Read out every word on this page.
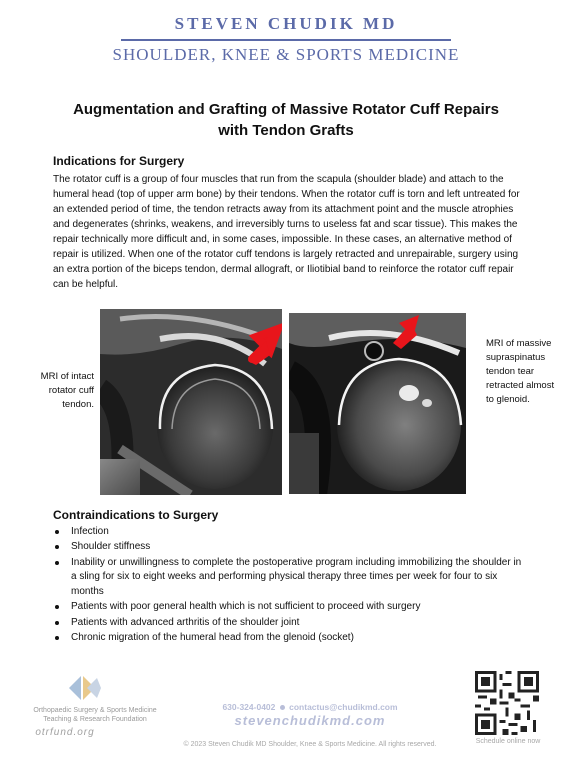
STEVEN CHUDIK MD
SHOULDER, KNEE & SPORTS MEDICINE
Augmentation and Grafting of Massive Rotator Cuff Repairs
with Tendon Grafts
Indications for Surgery
The rotator cuff is a group of four muscles that run from the scapula (shoulder blade) and attach to the humeral head (top of upper arm bone) by their tendons. When the rotator cuff is torn and left untreated for an extended period of time, the tendon retracts away from its attachment point and the muscle atrophies and degenerates (shrinks, weakens, and irreversibly turns to useless fat and scar tissue). This makes the repair technically more difficult and, in some cases, impossible. In these cases, an alternative method of repair is utilized. When one of the rotator cuff tendons is largely retracted and unrepairable, surgery using an extra portion of the biceps tendon, dermal allograft, or Iliotibial band to reinforce the rotator cuff repair can be helpful.
MRI of intact rotator cuff tendon.
MRI of massive supraspinatus tendon tear retracted almost to glenoid.
Contraindications to Surgery
Infection
Shoulder stiffness
Inability or unwillingness to complete the postoperative program including immobilizing the shoulder in a sling for six to eight weeks and performing physical therapy three times per week for four to six months
Patients with poor general health which is not sufficient to proceed with surgery
Patients with advanced arthritis of the shoulder joint
Chronic migration of the humeral head from the glenoid (socket)
Orthopaedic Surgery & Sports Medicine
Teaching & Research Foundation
otrfund.org
630-324-0402 contactus@chudikmd.com
stevenchudikmd.com
© 2023 Steven Chudik MD Shoulder, Knee & Sports Medicine. All rights reserved.	Schedule online now
